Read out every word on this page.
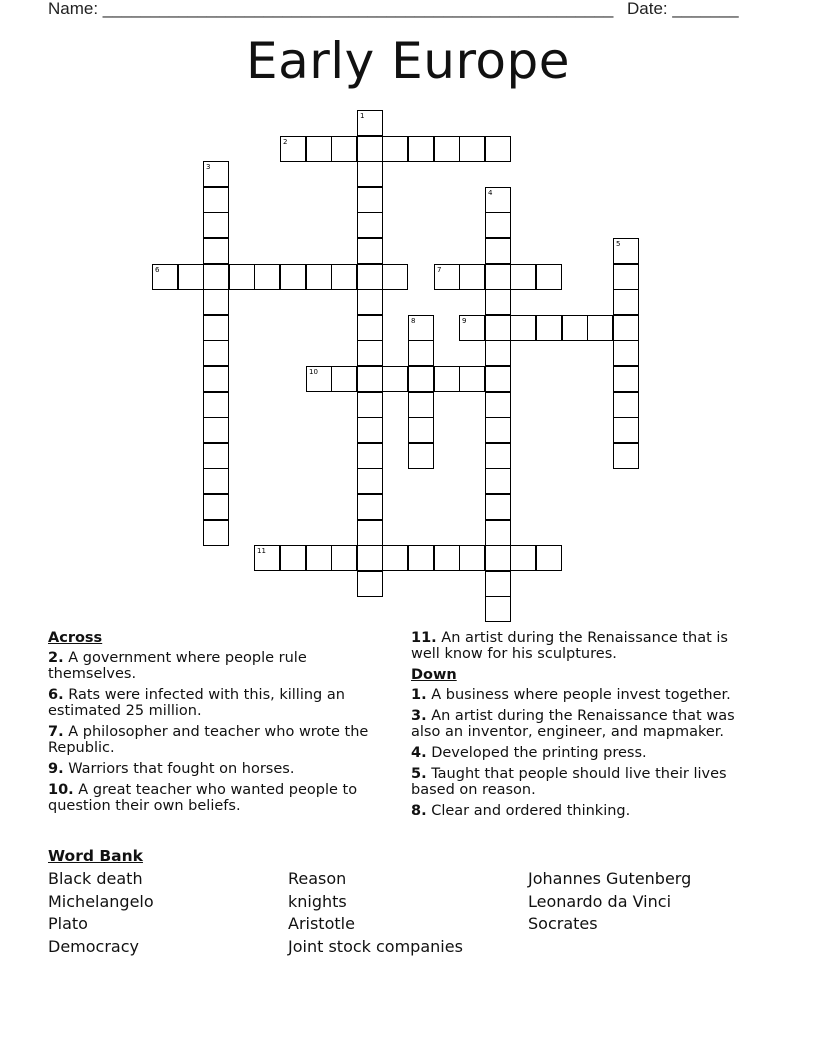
Name: ______________________________________________________ Date: _______
Early Europe
1
2
3
4
5
6	7
8	9
10
11
Across
2. A government where people rule themselves.
6. Rats were infected with this, killing an estimated 25 million.
7. A philosopher and teacher who wrote the Republic.
9. Warriors that fought on horses.
10. A great teacher who wanted people to question their own beliefs.
11. An artist during the Renaissance that is well know for his sculptures.
Down
1. A business where people invest together.
3. An artist during the Renaissance that was also an inventor, engineer, and mapmaker.
4. Developed the printing press.
5. Taught that people should live their lives based on reason.
8. Clear and ordered thinking.
Word Bank
Black death
Michelangelo
Plato
Democracy
Reason
knights
Aristotle
Joint stock companies
Johannes Gutenberg
Leonardo da Vinci
Socrates
